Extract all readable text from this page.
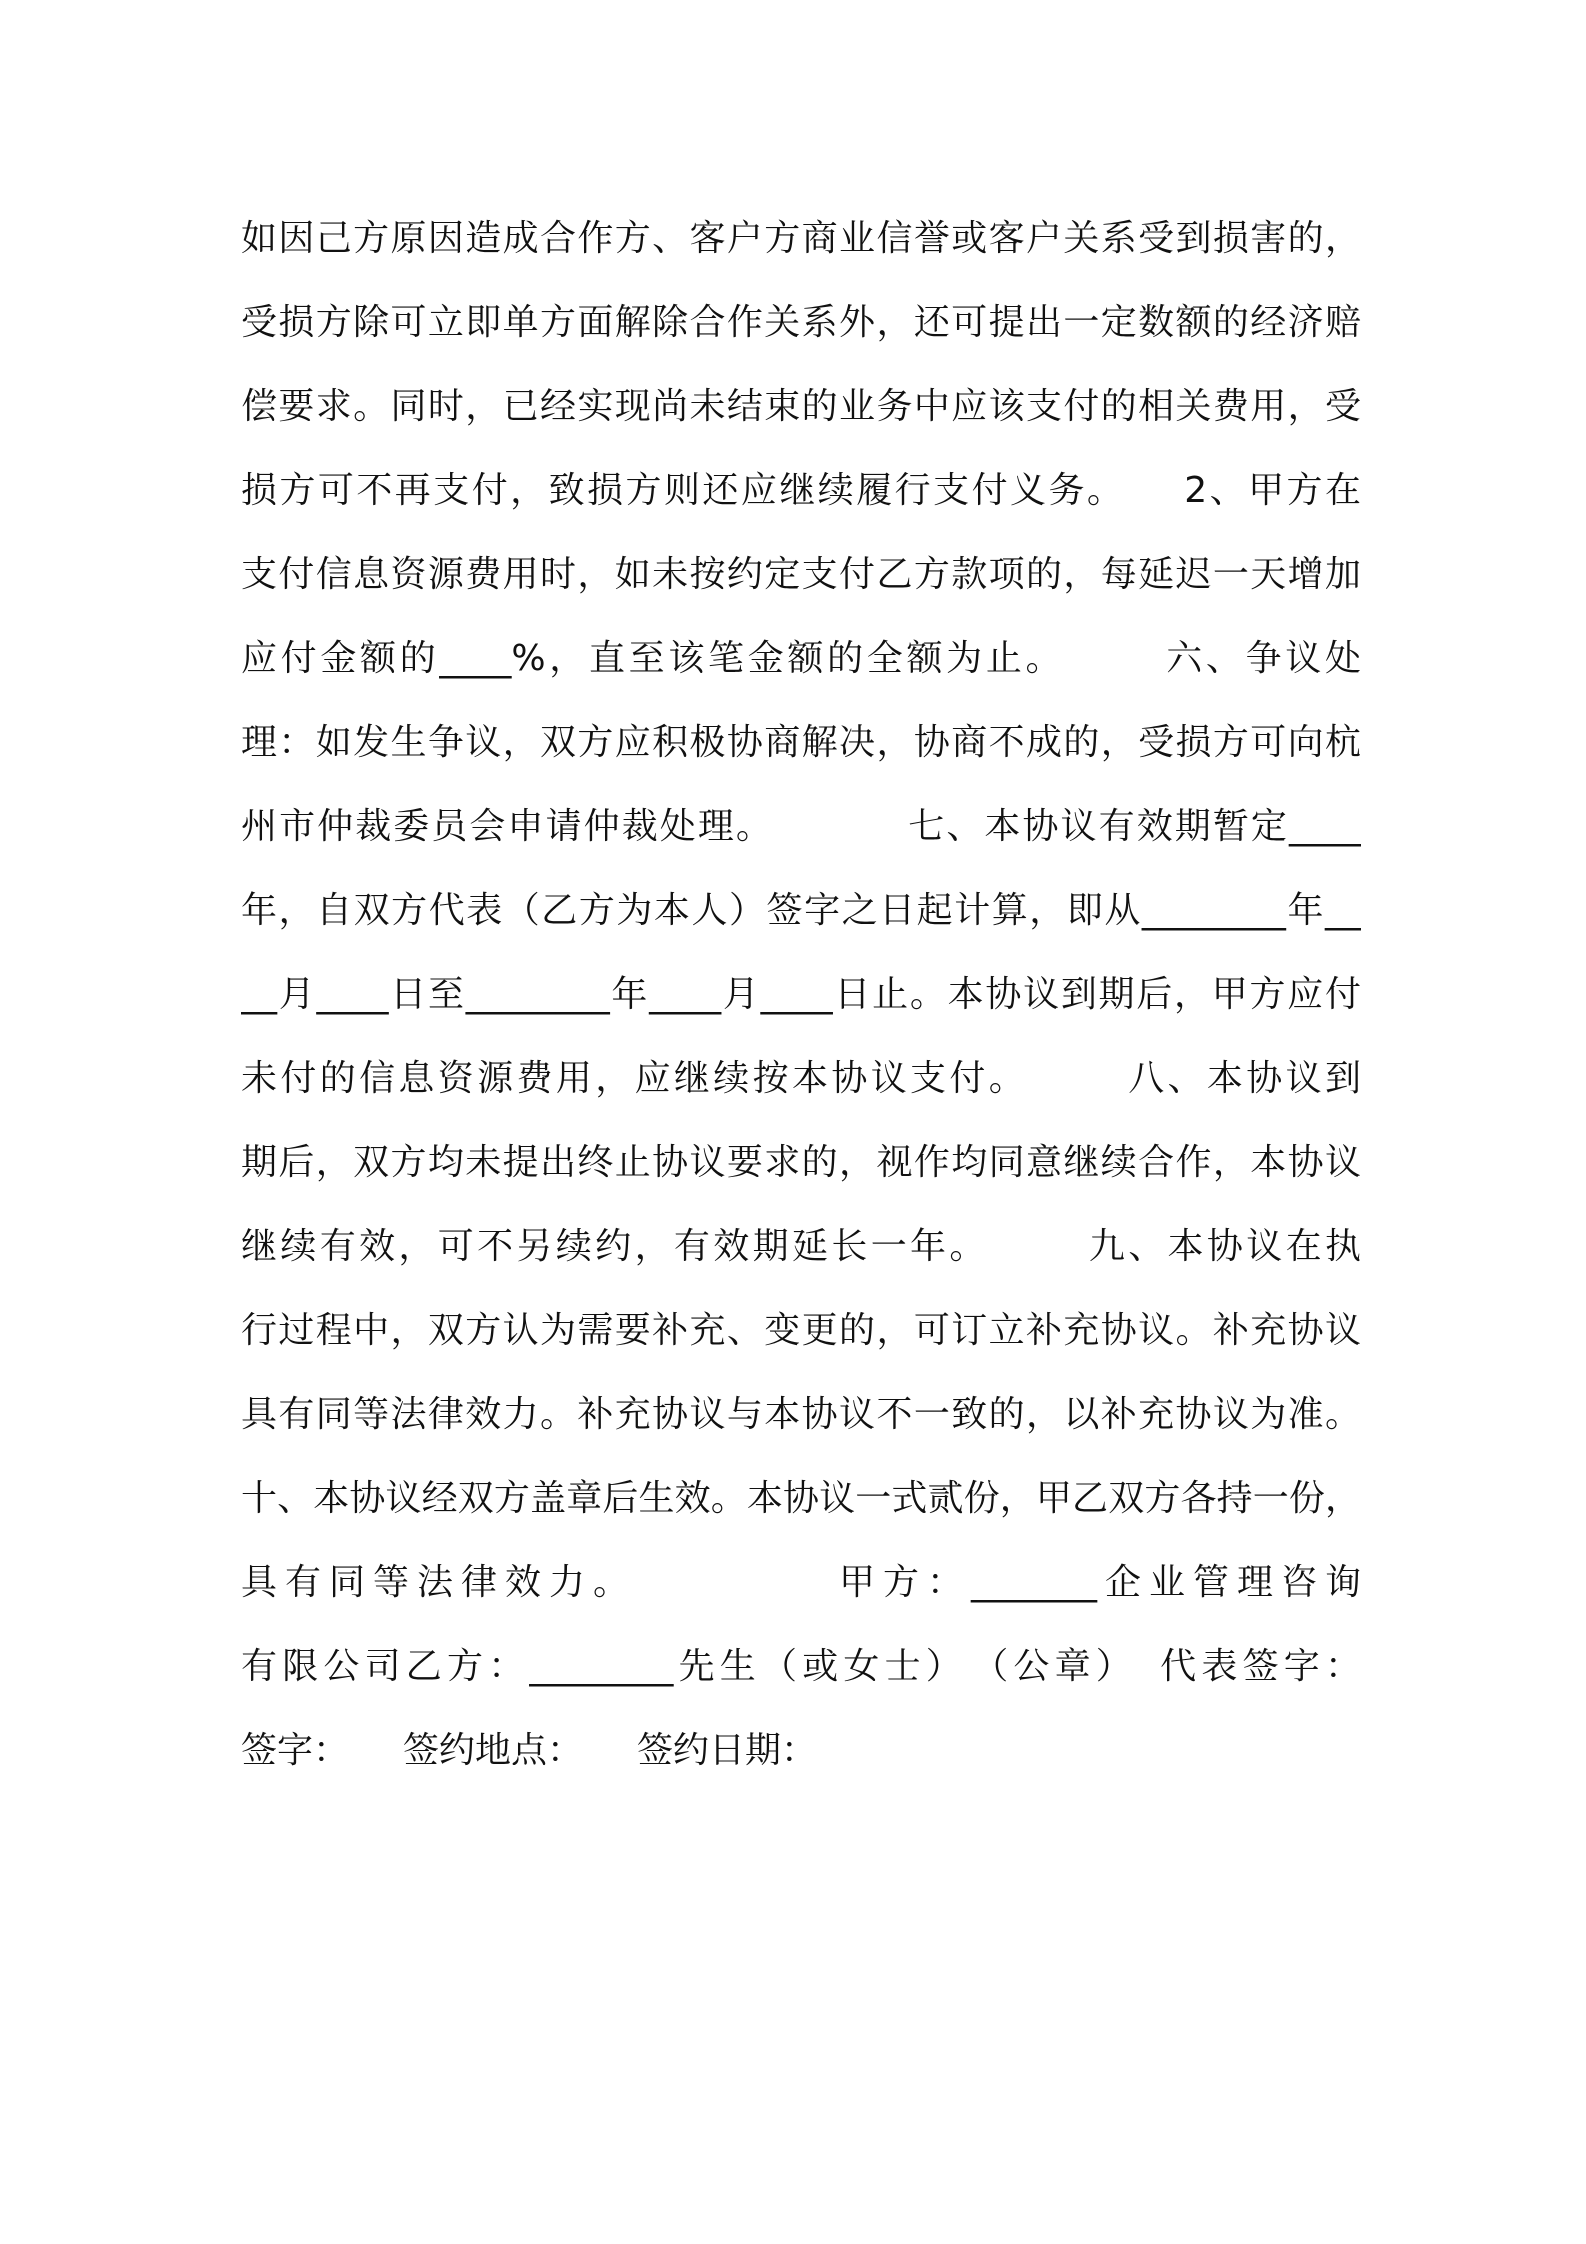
如因己方原因造成合作方、客户方商业信誉或客户关系受到损害的，
受损方除可立即单方面解除合作关系外，还可提出一定数额的经济赔
偿要求。同时，已经实现尚未结束的业务中应该支付的相关费用，受
损方可不再支付，致损方则还应继续履行支付义务。　　2、甲方在
支付信息资源费用时，如未按约定支付乙方款项的，每延迟一天增加
应付金额的____%，直至该笔金额的全额为止。　　　六、争议处
理：如发生争议，双方应积极协商解决，协商不成的，受损方可向杭
州市仲裁委员会申请仲裁处理。　　　　七、本协议有效期暂定____
年，自双方代表（乙方为本人）签字之日起计算，即从________年__
__月____日至________年____月____日止。本协议到期后，甲方应付
未付的信息资源费用，应继续按本协议支付。　　　八、本协议到
期后，双方均未提出终止协议要求的，视作均同意继续合作，本协议
继续有效，可不另续约，有效期延长一年。　　　九、本协议在执
行过程中，双方认为需要补充、变更的，可订立补充协议。补充协议
具有同等法律效力。补充协议与本协议不一致的，以补充协议为准。
十、本协议经双方盖章后生效。本协议一式贰份，甲乙双方各持一份，
具有同等法律效力。　　　　　甲方：_______企业管理咨询
有限公司乙方：________先生（或女士）　（公章）　代表签字：
签字：　　签约地点：　　签约日期：
